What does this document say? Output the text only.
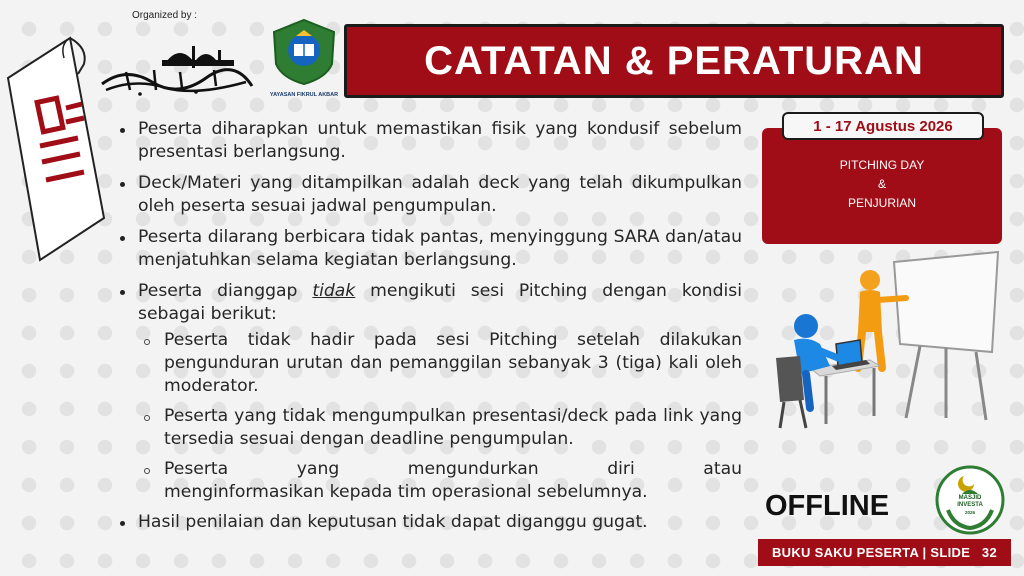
Organized by :
YAYASAN FIKRUL AKBAR
CATATAN & PERATURAN
PITCHING DAY
&
PENJURIAN
1 - 17 Agustus 2026
Peserta diharapkan untuk memastikan fisik yang kondusif sebelum presentasi berlangsung.
Deck/Materi yang ditampilkan adalah deck yang telah dikumpulkan oleh peserta sesuai jadwal pengumpulan.
Peserta dilarang berbicara tidak pantas, menyinggung SARA dan/atau menjatuhkan selama kegiatan berlangsung.
Peserta dianggap tidak mengikuti sesi Pitching dengan kondisi sebagai berikut:
Peserta tidak hadir pada sesi Pitching setelah dilakukan pengunduran urutan dan pemanggilan sebanyak 3 (tiga) kali oleh moderator.
Peserta yang tidak mengumpulkan presentasi/deck pada link yang tersedia sesuai dengan deadline pengumpulan.
Peserta yang mengundurkan diri atau
menginformasikan kepada tim operasional sebelumnya.
Hasil penilaian dan keputusan tidak dapat diganggu gugat.	OFFLINE	MASJID
INVESTA
2026
BUKU SAKU PESERTA | SLIDE   32
